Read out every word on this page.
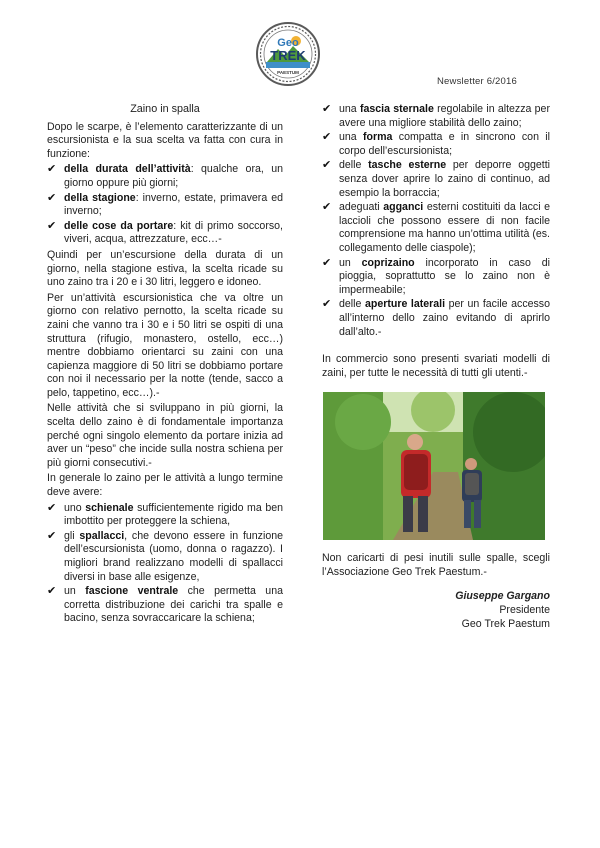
Geo
TREK
PAESTUM
Newsletter 6/2016
Zaino in spalla

Dopo le scarpe, è l’elemento caratterizzante di un escursionista e la sua scelta va fatta con cura in funzione:

✔ della durata dell’attività: qualche ora, un giorno oppure più giorni;
✔ della stagione: inverno, estate, primavera ed inverno;
✔ delle cose da portare: kit di primo soccorso, viveri, acqua, attrezzature, ecc…-

Quindi per un’escursione della durata di un giorno, nella stagione estiva, la scelta ricade su uno zaino tra i 20 e i 30 litri, leggero e idoneo.

Per un’attività escursionistica che va oltre un giorno con relativo pernotto, la scelta ricade su zaini che vanno tra i 30 e i 50 litri se ospiti di una struttura (rifugio, monastero, ostello, ecc…) mentre dobbiamo orientarci su zaini con una capienza maggiore di 50 litri se dobbiamo portare con noi il necessario per la notte (tende, sacco a pelo, tappetino, ecc…).-

Nelle attività che si sviluppano in più giorni, la scelta dello zaino è di fondamentale importanza perché ogni singolo elemento da portare inizia ad aver un “peso” che incide sulla nostra schiena per più giorni consecutivi.-

In generale lo zaino per le attività a lungo termine deve avere:

✔ uno schienale sufficientemente rigido ma ben imbottito per proteggere la schiena,
✔ gli spallacci, che devono essere in funzione dell’escursionista (uomo, donna o ragazzo). I migliori brand realizzano modelli di spallacci diversi in base alle esigenze,
✔ un fascione ventrale che permetta una corretta distribuzione dei carichi tra spalle e bacino, senza sovraccaricare la schiena;
✔ una fascia sternale regolabile in altezza per avere una migliore stabilità dello zaino;
✔ una forma compatta e in sincrono con il corpo dell’escursionista;
✔ delle tasche esterne per deporre oggetti senza dover aprire lo zaino di continuo, ad esempio la borraccia;
✔ adeguati agganci esterni costituiti da lacci e laccioli che possono essere di non facile comprensione ma hanno un’ottima utilità (es. collegamento delle ciaspole);
✔ un coprizaino incorporato in caso di pioggia, soprattutto se lo zaino non è impermeabile;
✔ delle aperture laterali per un facile accesso all’interno dello zaino evitando di aprirlo dall’alto.-

In commercio sono presenti svariati modelli di zaini, per tutte le necessità di tutti gli utenti.-

Non caricarti di pesi inutili sulle spalle, scegli l’Associazione Geo Trek Paestum.-

Giuseppe Gargano
Presidente
Geo Trek Paestum
